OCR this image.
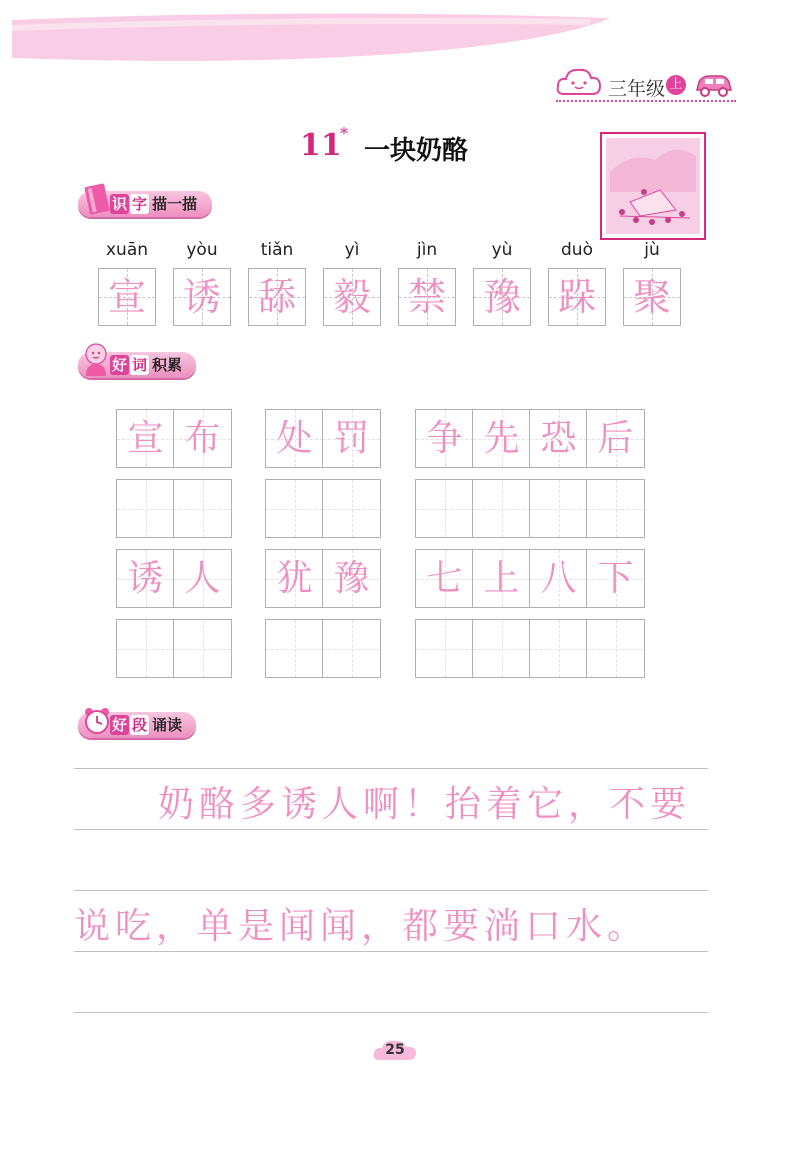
三年级 上
11
*
一块奶酪
识 字 描一描
xuān
宣
yòu
诱
tiǎn
舔
yì
毅
jìn
禁
yù
豫
duò
跺
jù
聚
好 词 积累
宣 布 处 罚 争 先 恐 后
诱 人 犹 豫 七 上 八 下
好 段 诵读
奶酪多诱人啊！抬着它，不要
说吃，单是闻闻，都要淌口水。
25
